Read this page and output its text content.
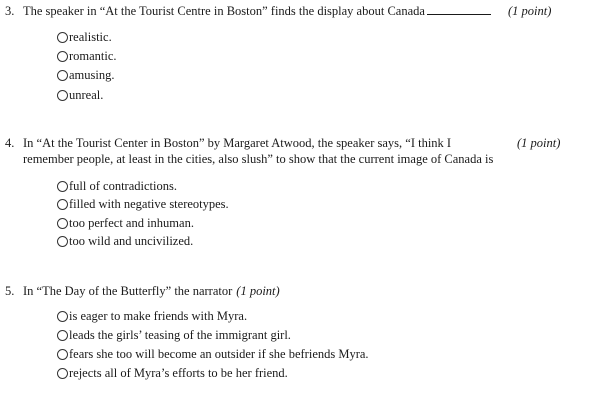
3. The speaker in “At the Tourist Centre in Boston” finds the display about Canada	(1 point)
realistic.
romantic.
amusing.
unreal.
4. In “At the Tourist Center in Boston” by Margaret Atwood, the speaker says, “I think I	(1 point)
remember people, at least in the cities, also slush” to show that the current image of Canada is
full of contradictions.
filled with negative stereotypes.
too perfect and inhuman.
too wild and uncivilized.
5. In “The Day of the Butterfly” the narrator (1 point)
is eager to make friends with Myra.
leads the girls’ teasing of the immigrant girl.
fears she too will become an outsider if she befriends Myra.
rejects all of Myra’s efforts to be her friend.
